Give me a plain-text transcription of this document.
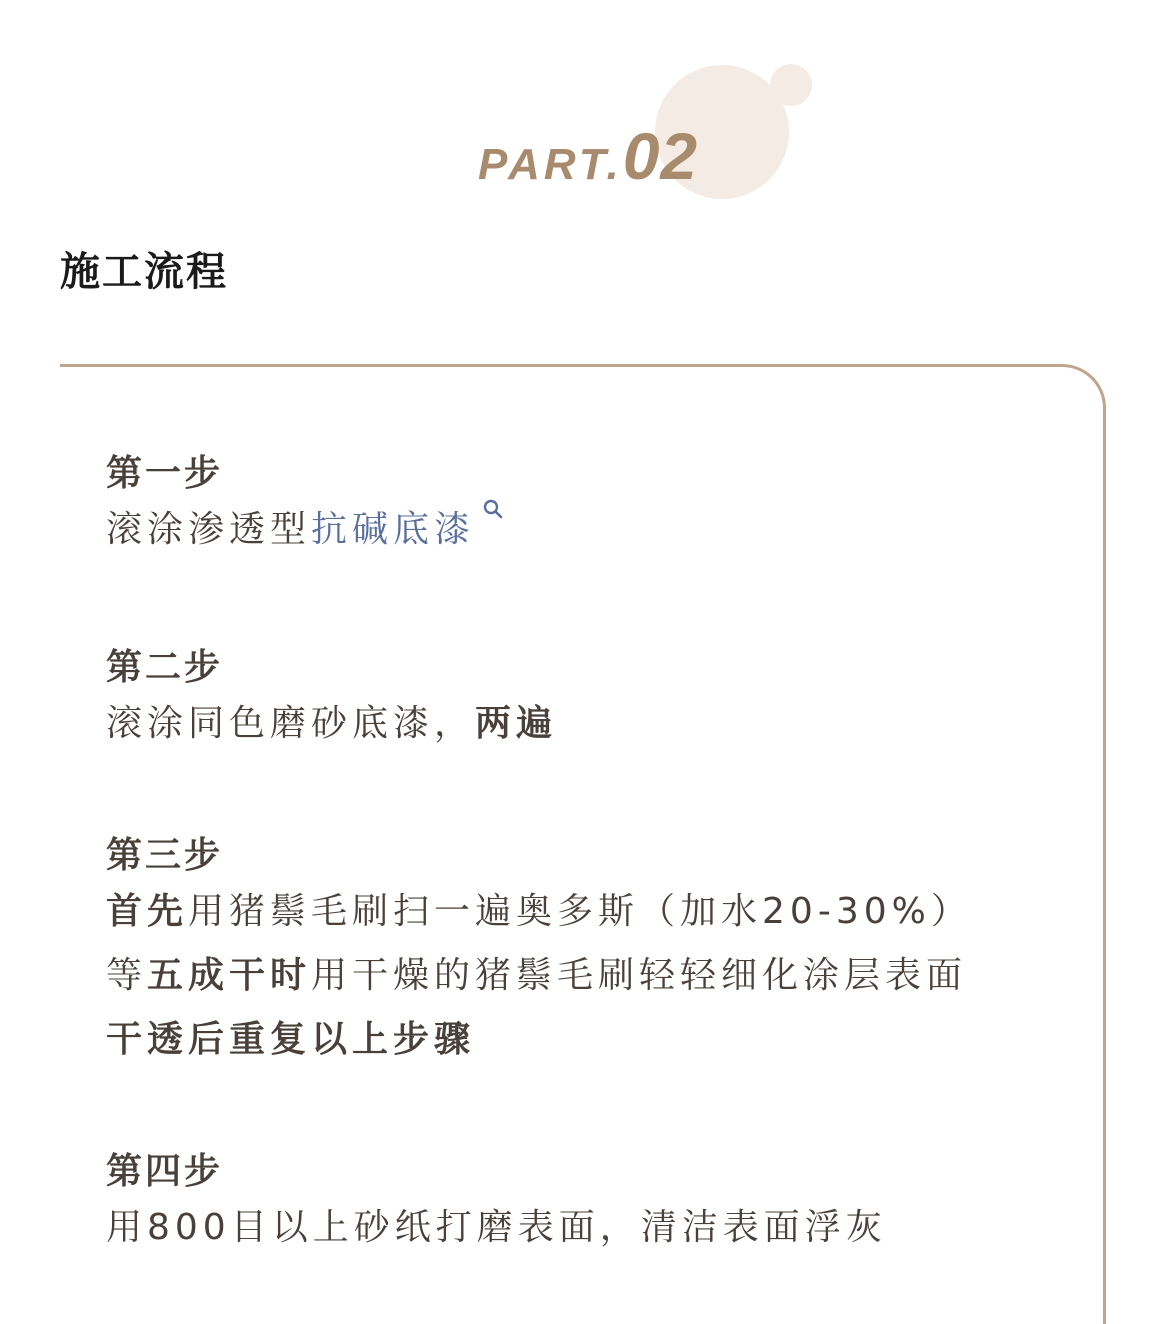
PART.02
施工流程
第一步
滚涂渗透型抗碱底漆
第二步
滚涂同色磨砂底漆，两遍
第三步
首先用猪鬃毛刷扫一遍奥多斯（加水20-30%）
等五成干时用干燥的猪鬃毛刷轻轻细化涂层表面
干透后重复以上步骤
第四步
用800目以上砂纸打磨表面，清洁表面浮灰
